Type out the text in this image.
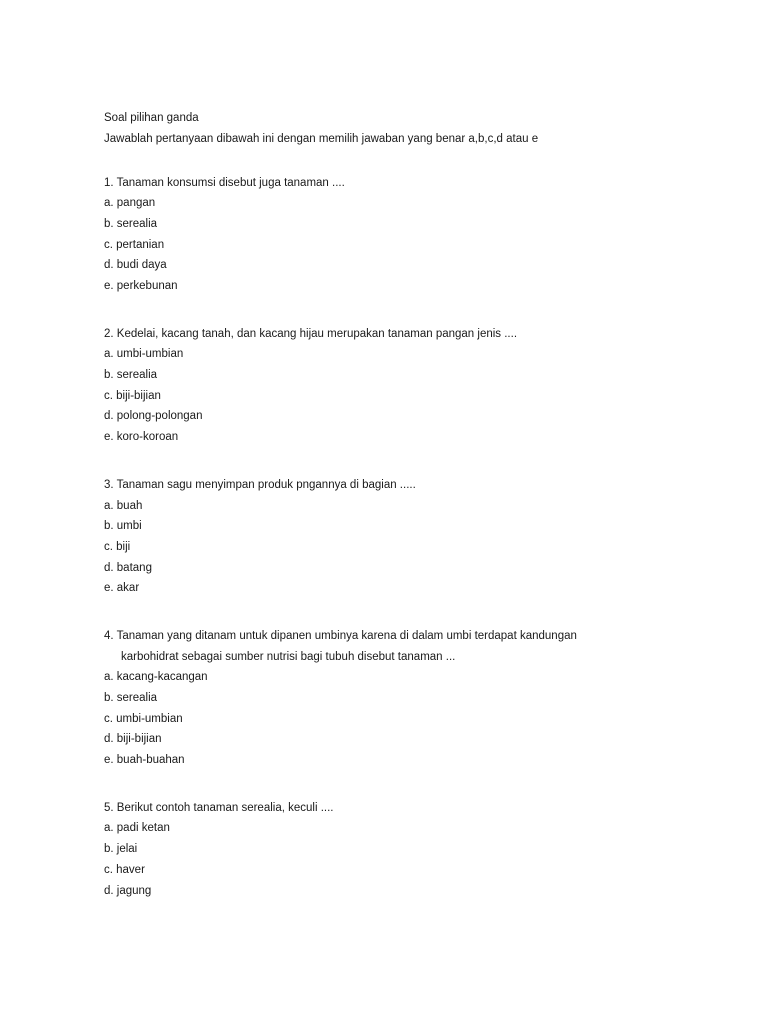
Soal pilihan ganda
Jawablah pertanyaan dibawah ini dengan memilih jawaban yang benar a,b,c,d atau e
1. Tanaman konsumsi disebut juga tanaman ....
a. pangan
b. serealia
c. pertanian
d. budi daya
e. perkebunan
2. Kedelai, kacang tanah, dan kacang hijau merupakan tanaman pangan jenis ....
a. umbi-umbian
b. serealia
c. biji-bijian
d. polong-polongan
e. koro-koroan
3. Tanaman sagu menyimpan produk pngannya di bagian .....
a. buah
b. umbi
c. biji
d. batang
e. akar
4. Tanaman yang ditanam untuk dipanen umbinya karena di dalam umbi terdapat kandungan
karbohidrat sebagai sumber nutrisi bagi tubuh disebut tanaman ...
a. kacang-kacangan
b. serealia
c. umbi-umbian
d. biji-bijian
e. buah-buahan
5. Berikut contoh tanaman serealia, keculi ....
a. padi ketan
b. jelai
c. haver
d. jagung
